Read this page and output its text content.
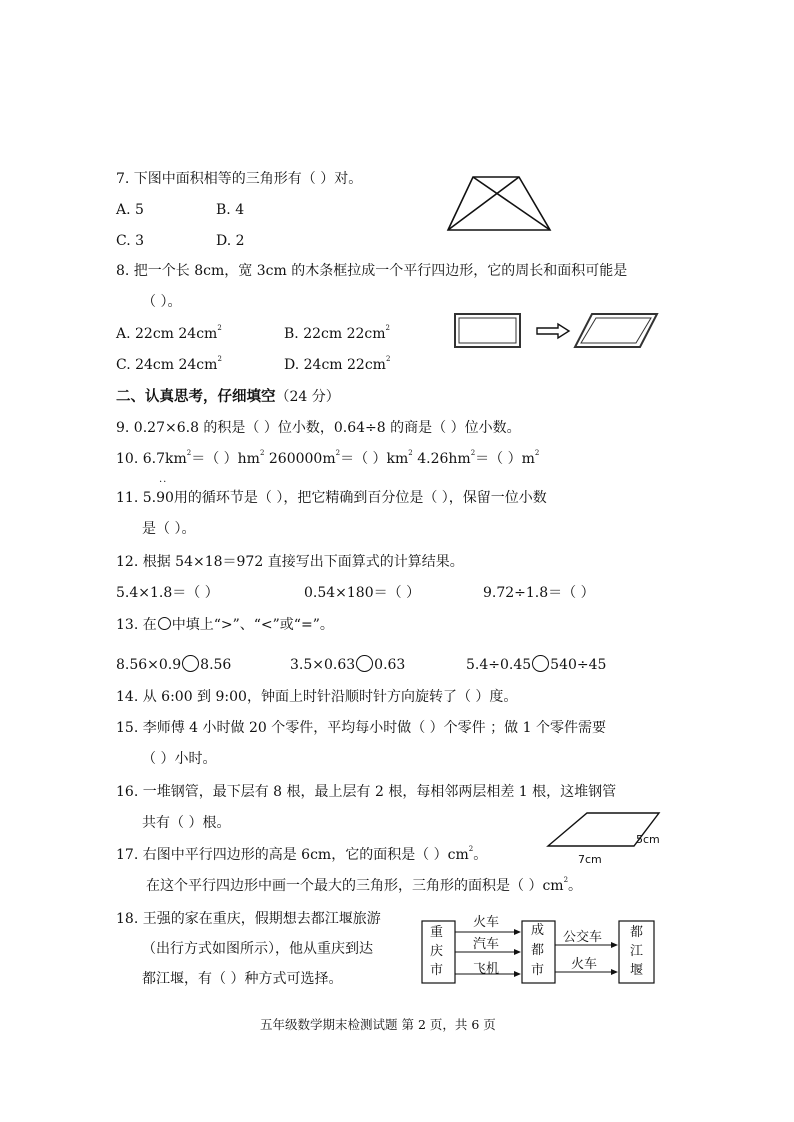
7. 下图中面积相等的三角形有（ ）对。
A. 5	B. 4
C. 3	D. 2
8. 把一个长 8cm，宽 3cm 的木条框拉成一个平行四边形，它的周长和面积可能是
（ ）。
A. 22cm $24cm^2$	B. 22cm $22cm^2$
C. 24cm $24cm^2$	D. 24cm $22cm^2$
二、认真思考，仔细填空（24 分）
9. 0.27×6.8 的积是（ ）位小数，0.64÷8 的商是（ ）位小数。
10. $6.7km^2=$（ ）$hm^2$ $260000m^2=$（ ）$km^2$ $4.26hm^2=$（ ）$m^2$
..
11. 5.90用的循环节是（ ），把它精确到百分位是（ ），保留一位小数
是（ ）。
12. 根据 54×18＝972 直接写出下面算式的计算结果。
5.4×1.8＝（ ）	0.54×180＝（ ）	9.72÷1.8＝（ ）
13. 在 中填上“>”、“<”或“=”。
8.56×0.9 8.56	3.5×0.63 0.63	5.4÷0.45 540÷45
14. 从 6:00 到 9:00，钟面上时针沿顺时针方向旋转了（ ）度。
15. 李师傅 4 小时做 20 个零件，平均每小时做（ ）个零件 ；做 1 个零件需要
（ ）小时。
16. 一堆钢管，最下层有 8 根，最上层有 2 根，每相邻两层相差 1 根，这堆钢管
共有（ ）根。
5cm
7cm
17. 右图中平行四边形的高是 6cm，它的面积是（ ）$cm^2$。
在这个平行四边形中画一个最大的三角形，三角形的面积是（ ）$cm^2$。
18. 王强的家在重庆，假期想去都江堰旅游
（出行方式如图所示），他从重庆到达
都江堰，有（ ）种方式可选择。
重
庆
市
成
都
市
都
江
堰
火车
汽车
飞机
公交车
火车
五年级数学期末检测试题 第 2 页，共 6 页
